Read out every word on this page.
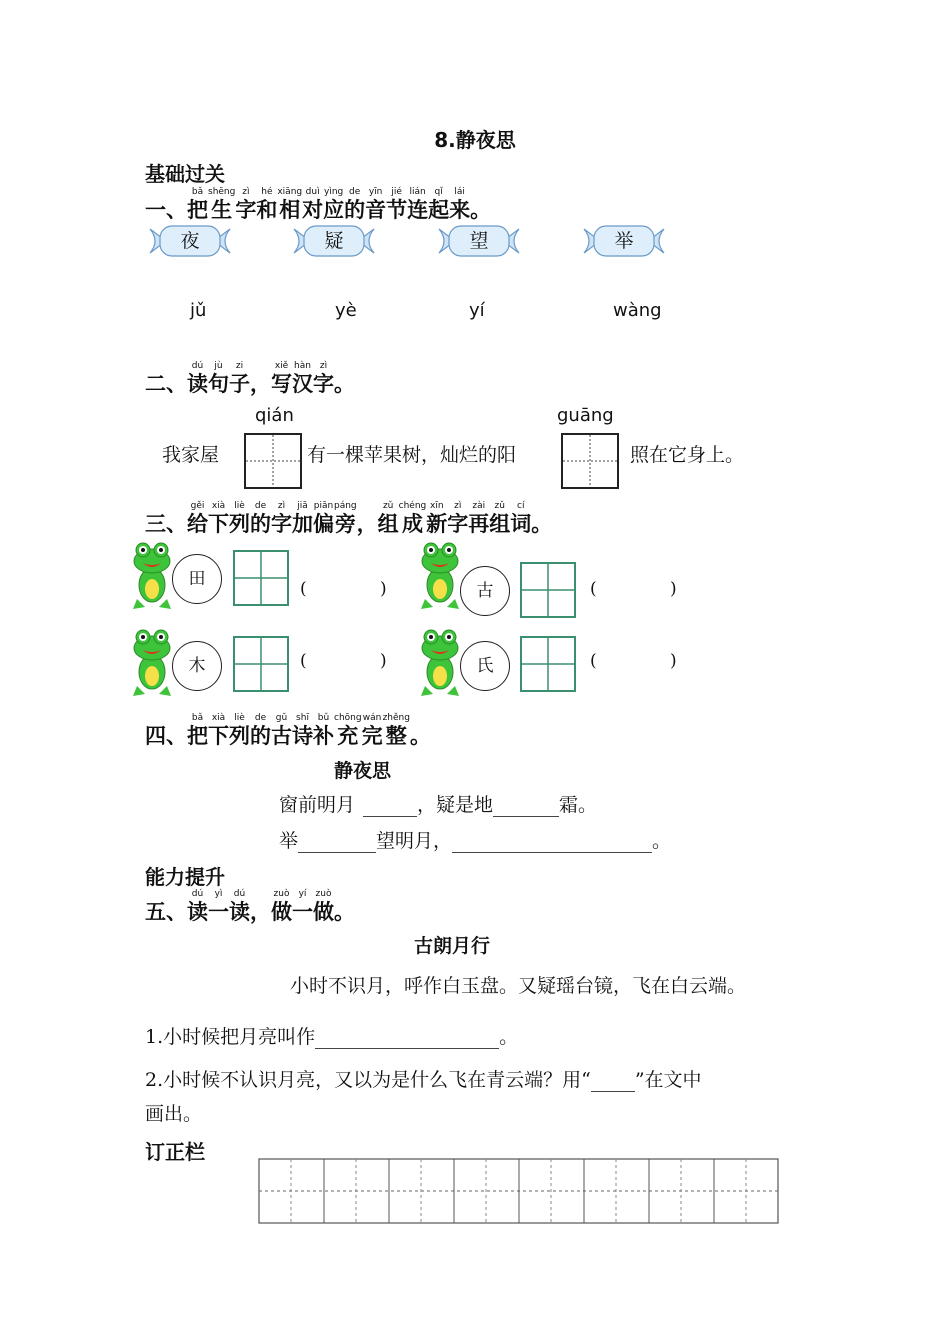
8.静夜思
基础过关
一、
bǎ
把
shēng
生
zì
字
hé
和
xiāng
相
duì
对
yìng
应
de
的
yīn
音
jié
节
lián
连
qǐ
起
lái
来 。
夜	疑	望	举
jǔ	yè	yí	wàng
二、
dú
读
jù
句
zi
子 ，
xiě
写
hàn
汉
zì
字 。
qián	guāng
我家屋	有一棵苹果树，灿烂的阳	照在它身上。
三、
gěi
给
xià
下
liè
列
de
的
zì
字
jiā
加
piān
偏
páng
旁 ，
zǔ
组
chéng
成
xīn
新
zì
字
zài
再
zǔ
组
cí
词 。
田	(	)	古	(	)
木	(	)	氏	(	)
四、
bǎ
把
xià
下
liè
列
de
的
gǔ
古
shī
诗
bǔ
补
chōng
充
wán
完
zhěng
整 。
静夜思
窗前明月	，疑是地	霜。
举	望明月，	。
能力提升
五、
dú
读
yì
一
dú
读 ，
zuò
做
yí
一
zuò
做 。
古朗月行
小时不识月，呼作白玉盘。又疑瑶台镜，飞在白云端。
1.小时候把月亮叫作	。
2.小时候不认识月亮，又以为是什么飞在青云端？用“ ”在文中
画出。
订正栏
